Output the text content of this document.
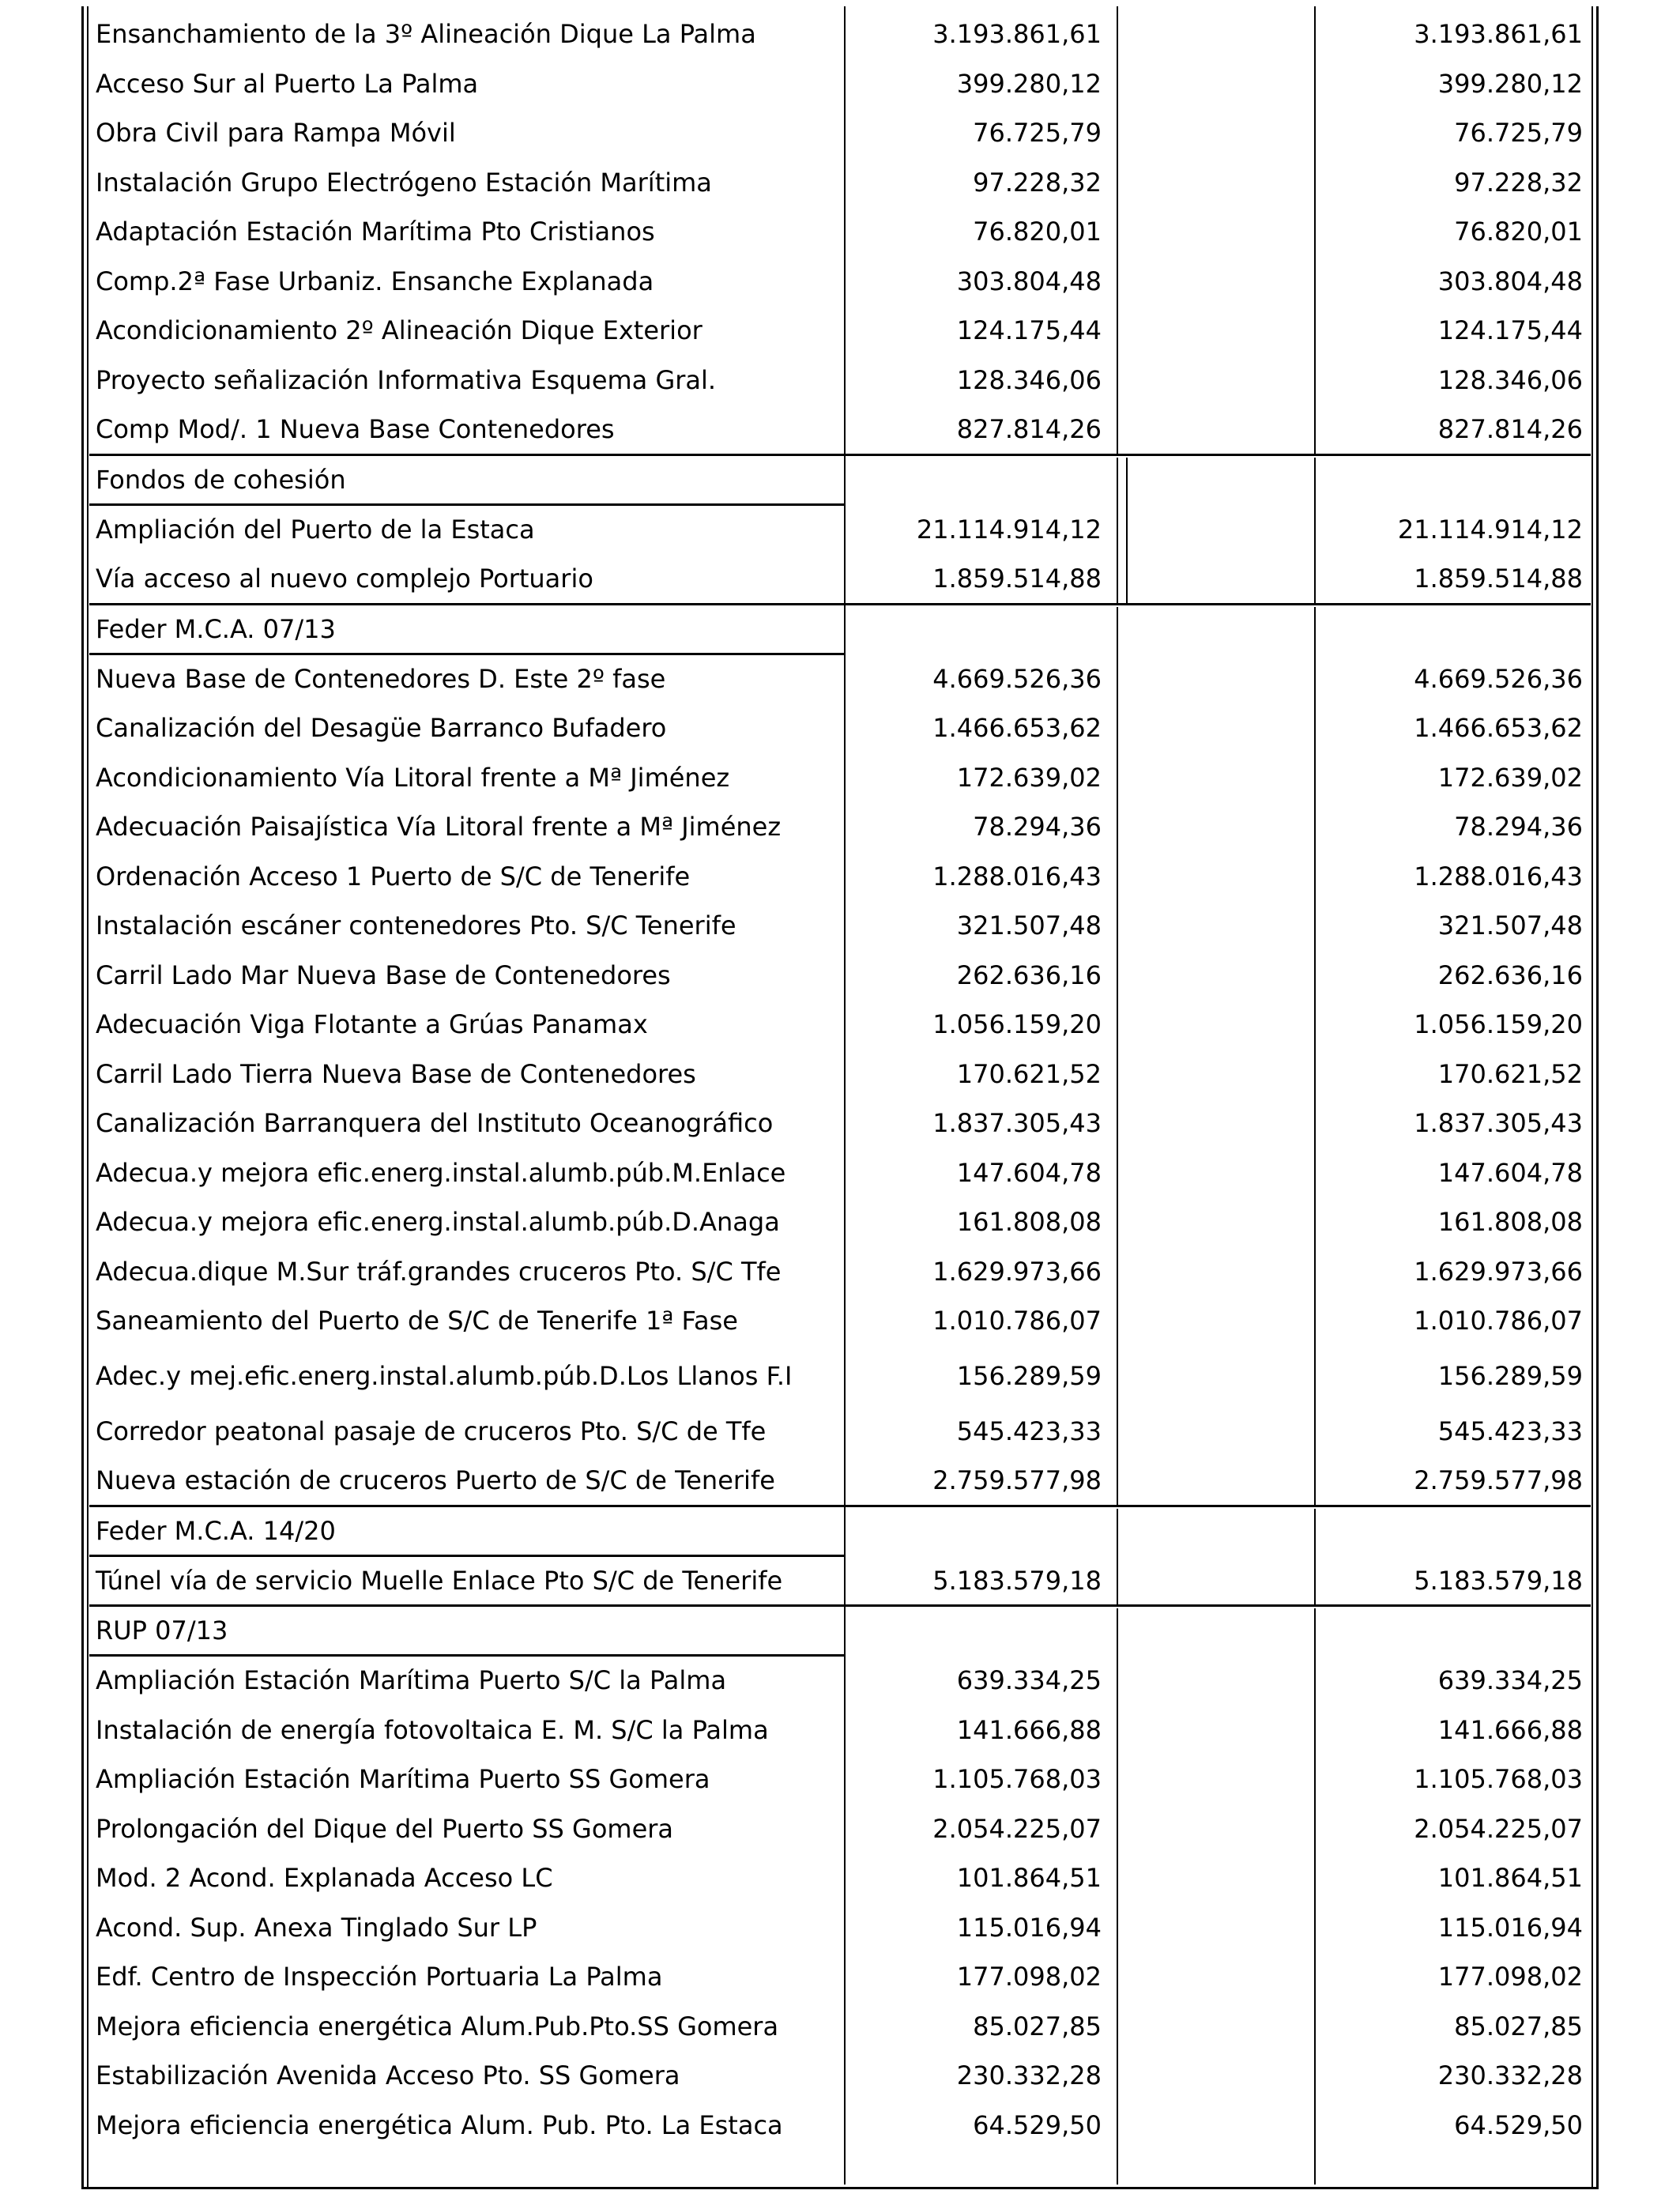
Ensanchamiento de la 3º Alineación Dique La Palma	3.193.861,61	3.193.861,61
Acceso Sur al Puerto La Palma	399.280,12	399.280,12
Obra Civil para Rampa Móvil	76.725,79	76.725,79
Instalación Grupo Electrógeno Estación Marítima	97.228,32	97.228,32
Adaptación Estación Marítima Pto Cristianos	76.820,01	76.820,01
Comp.2ª Fase Urbaniz. Ensanche Explanada	303.804,48	303.804,48
Acondicionamiento 2º Alineación Dique Exterior	124.175,44	124.175,44
Proyecto señalización Informativa Esquema Gral.	128.346,06	128.346,06
Comp Mod/. 1 Nueva Base Contenedores	827.814,26	827.814,26
Fondos de cohesión
Ampliación del Puerto de la Estaca	21.114.914,12	21.114.914,12
Vía acceso al nuevo complejo Portuario	1.859.514,88	1.859.514,88
Feder M.C.A. 07/13
Nueva Base de Contenedores D. Este 2º fase	4.669.526,36	4.669.526,36
Canalización del Desagüe Barranco Bufadero	1.466.653,62	1.466.653,62
Acondicionamiento Vía Litoral frente a Mª Jiménez	172.639,02	172.639,02
Adecuación Paisajística Vía Litoral frente a Mª Jiménez	78.294,36	78.294,36
Ordenación Acceso 1 Puerto de S/C de Tenerife	1.288.016,43	1.288.016,43
Instalación escáner contenedores Pto. S/C Tenerife	321.507,48	321.507,48
Carril Lado Mar Nueva Base de Contenedores	262.636,16	262.636,16
Adecuación Viga Flotante a Grúas Panamax	1.056.159,20	1.056.159,20
Carril Lado Tierra Nueva Base de Contenedores	170.621,52	170.621,52
Canalización Barranquera del Instituto Oceanográfico	1.837.305,43	1.837.305,43
Adecua.y mejora efic.energ.instal.alumb.púb.M.Enlace	147.604,78	147.604,78
Adecua.y mejora efic.energ.instal.alumb.púb.D.Anaga	161.808,08	161.808,08
Adecua.dique M.Sur tráf.grandes cruceros Pto. S/C Tfe	1.629.973,66	1.629.973,66
Saneamiento del Puerto de S/C de Tenerife 1ª Fase	1.010.786,07	1.010.786,07
Adec.y mej.efic.energ.instal.alumb.púb.D.Los Llanos F.I	156.289,59	156.289,59
Corredor peatonal pasaje de cruceros Pto. S/C de Tfe	545.423,33	545.423,33
Nueva estación de cruceros Puerto de S/C de Tenerife	2.759.577,98	2.759.577,98
Feder M.C.A. 14/20
Túnel vía de servicio Muelle Enlace Pto S/C de Tenerife	5.183.579,18	5.183.579,18
RUP 07/13
Ampliación Estación Marítima Puerto S/C la Palma	639.334,25	639.334,25
Instalación de energía fotovoltaica E. M. S/C la Palma	141.666,88	141.666,88
Ampliación Estación Marítima Puerto SS Gomera	1.105.768,03	1.105.768,03
Prolongación del Dique del Puerto SS Gomera	2.054.225,07	2.054.225,07
Mod. 2 Acond. Explanada Acceso LC	101.864,51	101.864,51
Acond. Sup. Anexa Tinglado Sur LP	115.016,94	115.016,94
Edf. Centro de Inspección Portuaria La Palma	177.098,02	177.098,02
Mejora eficiencia energética Alum.Pub.Pto.SS Gomera	85.027,85	85.027,85
Estabilización Avenida Acceso Pto. SS Gomera	230.332,28	230.332,28
Mejora eficiencia energética Alum. Pub. Pto. La Estaca	64.529,50	64.529,50
